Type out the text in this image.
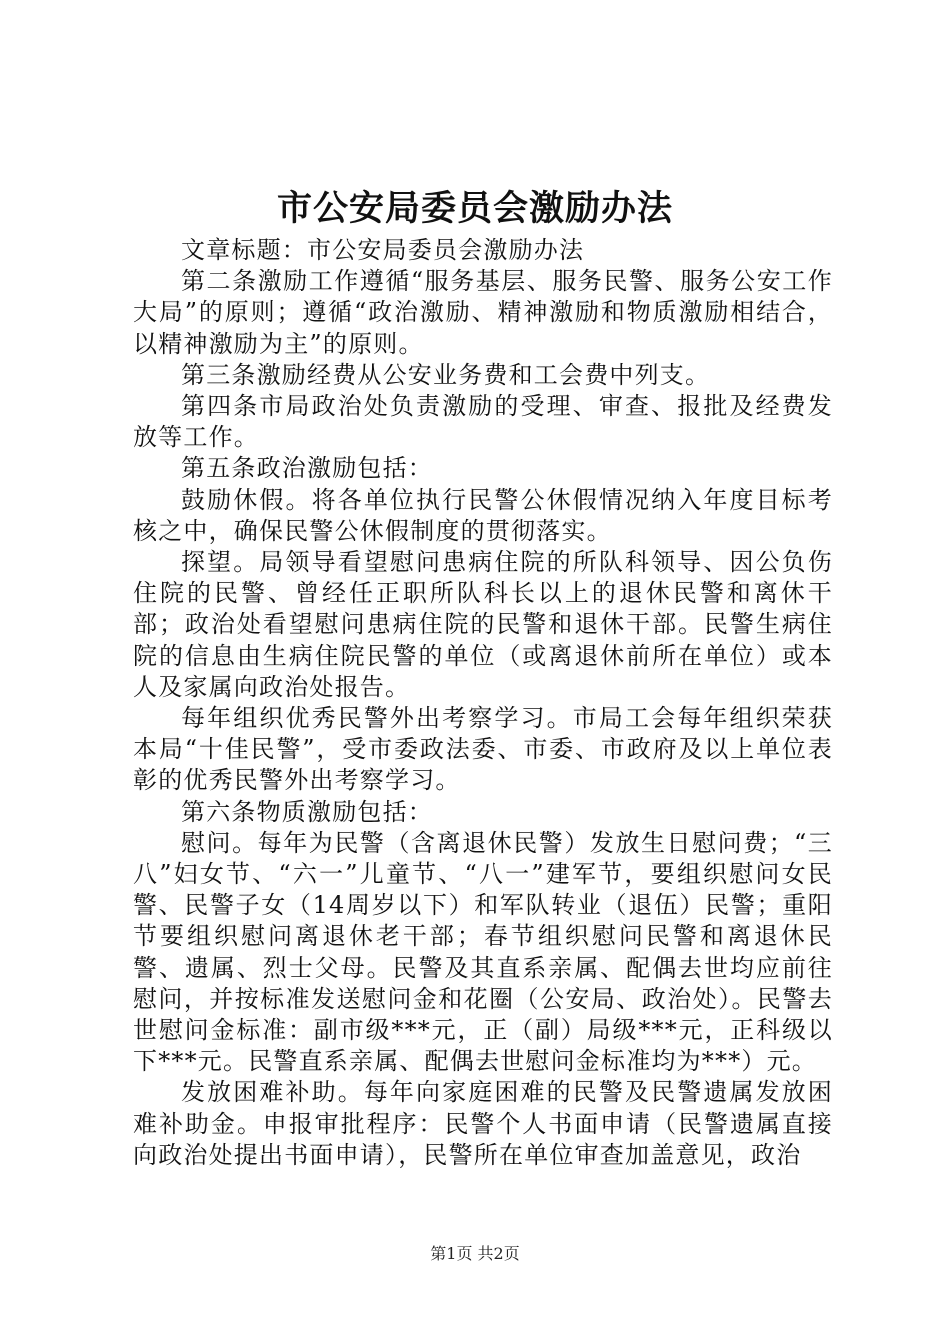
市公安局委员会激励办法

文章标题：市公安局委员会激励办法

第二条激励工作遵循“服务基层、服务民警、服务公安工作大局”的原则；遵循“政治激励、精神激励和物质激励相结合，以精神激励为主”的原则。

第三条激励经费从公安业务费和工会费中列支。

第四条市局政治处负责激励的受理、审查、报批及经费发放等工作。

第五条政治激励包括：

鼓励休假。将各单位执行民警公休假情况纳入年度目标考核之中，确保民警公休假制度的贯彻落实。

探望。局领导看望慰问患病住院的所队科领导、因公负伤住院的民警、曾经任正职所队科长以上的退休民警和离休干部；政治处看望慰问患病住院的民警和退休干部。民警生病住院的信息由生病住院民警的单位（或离退休前所在单位）或本人及家属向政治处报告。

每年组织优秀民警外出考察学习。市局工会每年组织荣获本局“十佳民警”，受市委政法委、市委、市政府及以上单位表彰的优秀民警外出考察学习。

第六条物质激励包括：

慰问。每年为民警（含离退休民警）发放生日慰问费；“三八”妇女节、“六一”儿童节、“八一”建军节，要组织慰问女民警、民警子女（14周岁以下）和军队转业（退伍）民警；重阳节要组织慰问离退休老干部；春节组织慰问民警和离退休民警、遗属、烈士父母。民警及其直系亲属、配偶去世均应前往慰问，并按标准发送慰问金和花圈（公安局、政治处）。民警去世慰问金标准：副市级***元，正（副）局级***元，正科级以下***元。民警直系亲属、配偶去世慰问金标准均为***）元。

发放困难补助。每年向家庭困难的民警及民警遗属发放困难补助金。申报审批程序：民警个人书面申请（民警遗属直接向政治处提出书面申请），民警所在单位审查加盖意见，政治

第1页 共2页
